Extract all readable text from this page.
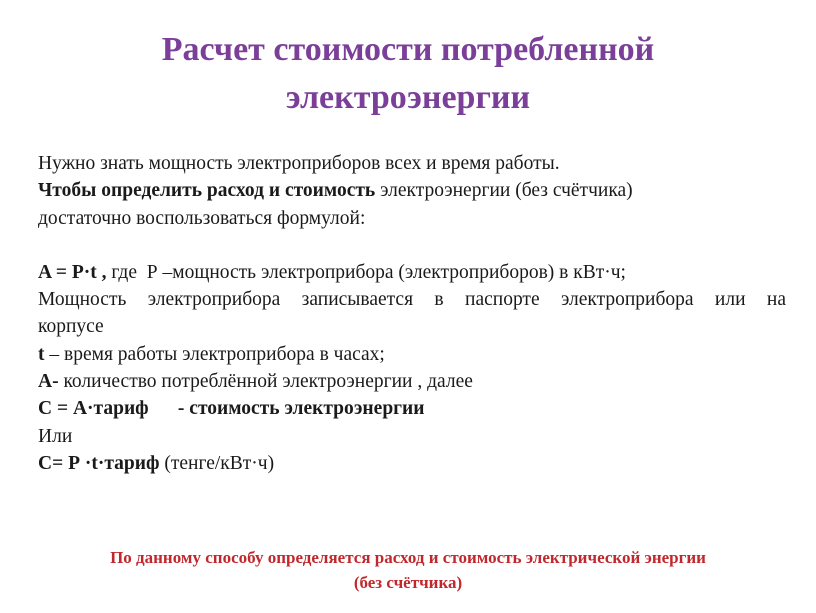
Расчет стоимости потребленной
электроэнергии
Нужно знать мощность электроприборов всех и время работы.
Чтобы определить расход и стоимость электроэнергии (без счётчика)
достаточно воспользоваться формулой:
A = P·t , где  Р –мощность электроприбора (электроприборов) в кВт·ч;
Мощность электроприбора записывается в паспорте электроприбора или на
корпусе
t – время работы электроприбора в часах;
А- количество потреблённой электроэнергии , далее
С = А·тариф      - стоимость электроэнергии
Или
С= Р ·t·тариф (тенге/кВт·ч)
По данному способу определяется расход и стоимость электрической энергии
(без счётчика)
